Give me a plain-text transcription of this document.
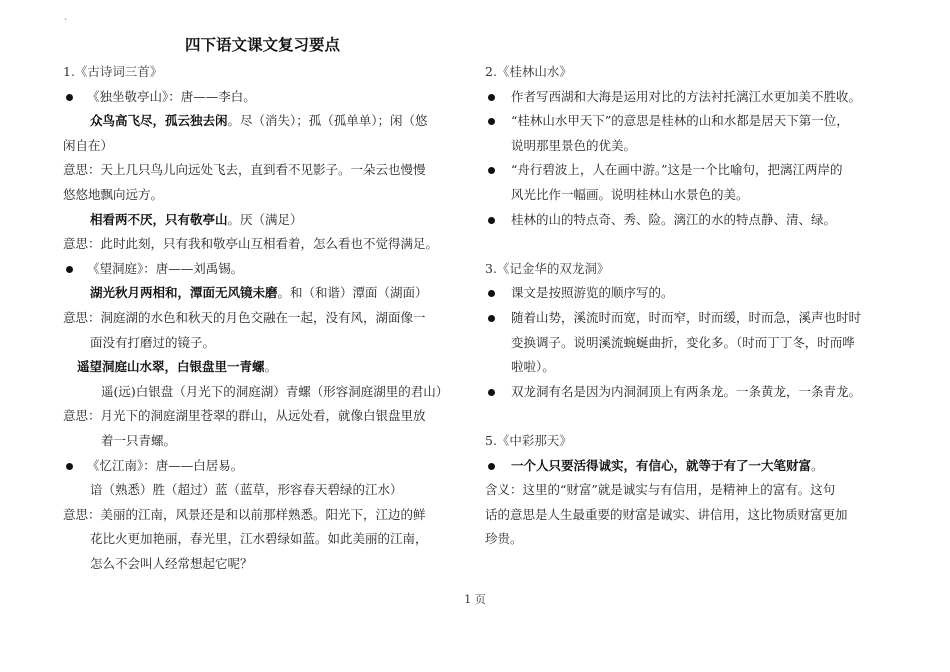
`
四下语文课文复习要点
1.《古诗词三首》
《独坐敬亭山》：唐——李白。
众鸟高飞尽，孤云独去闲。尽（消失）；孤（孤单单）；闲（悠
闲自在）
意思：天上几只鸟儿向远处飞去，直到看不见影子。一朵云也慢慢
悠悠地飘向远方。
相看两不厌，只有敬亭山。厌（满足）
意思：此时此刻，只有我和敬亭山互相看着，怎么看也不觉得满足。
《望洞庭》：唐——刘禹锡。
湖光秋月两相和，潭面无风镜未磨。和（和谐）潭面（湖面）
意思：洞庭湖的水色和秋天的月色交融在一起，没有风，湖面像一
面没有打磨过的镜子。
遥望洞庭山水翠，白银盘里一青螺。
遥(远)白银盘（月光下的洞庭湖）青螺（形容洞庭湖里的君山）
意思：月光下的洞庭湖里苍翠的群山，从远处看，就像白银盘里放
着一只青螺。
《忆江南》：唐——白居易。
谙（熟悉）胜（超过）蓝（蓝草，形容春天碧绿的江水）
意思：美丽的江南，风景还是和以前那样熟悉。阳光下，江边的鲜
花比火更加艳丽，春光里，江水碧绿如蓝。如此美丽的江南，
怎么不会叫人经常想起它呢？
2.《桂林山水》
作者写西湖和大海是运用对比的方法衬托漓江水更加美不胜收。
“桂林山水甲天下”的意思是桂林的山和水都是居天下第一位，
说明那里景色的优美。
“舟行碧波上，人在画中游。”这是一个比喻句，把漓江两岸的
风光比作一幅画。说明桂林山水景色的美。
桂林的山的特点奇、秀、险。漓江的水的特点静、清、绿。
3.《记金华的双龙洞》
课文是按照游览的顺序写的。
随着山势，溪流时而宽，时而窄，时而缓，时而急，溪声也时时
变换调子。说明溪流蜿蜒曲折，变化多。（时而丁丁冬，时而哗
啦啦）。
双龙洞有名是因为内洞洞顶上有两条龙。一条黄龙，一条青龙。
5.《中彩那天》
一个人只要活得诚实，有信心，就等于有了一大笔财富。
含义：这里的“财富”就是诚实与有信用，是精神上的富有。这句
话的意思是人生最重要的财富是诚实、讲信用，这比物质财富更加
珍贵。
1 页
